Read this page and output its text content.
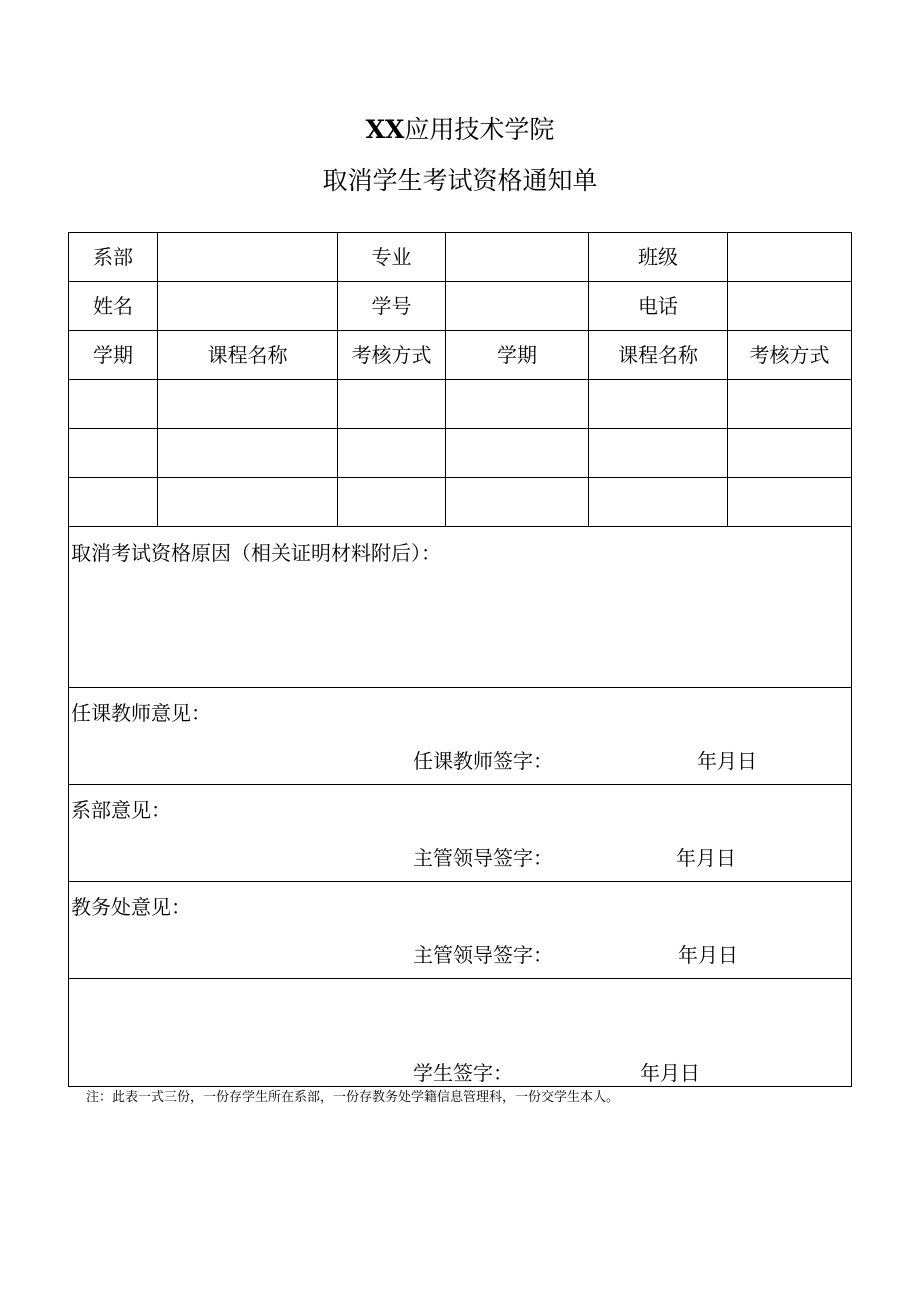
XX应用技术学院
取消学生考试资格通知单
系部	专业	班级
姓名	学号	电话
学期	课程名称	考核方式	学期	课程名称	考核方式
取消考试资格原因（相关证明材料附后）：
任课教师意见：
任课教师签字：	年月日
系部意见：
主管领导签字：	年月日
教务处意见：
主管领导签字：	年月日
学生签字：	年月日
注：此表一式三份，一份存学生所在系部，一份存教务处学籍信息管理科，一份交学生本人。
